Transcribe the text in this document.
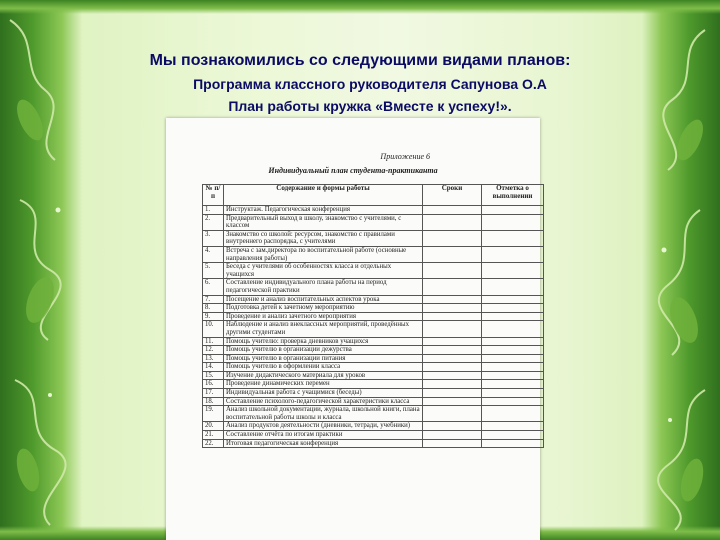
Мы познакомились со следующими видами планов:

Программа классного руководителя Сапунова О.А

План работы кружка «Вместе к успеху!».

Приложение 6
Индивидуальный план студента-практиканта
№ п/п	Содержание и формы работы	Сроки	Отметка о выполнении
1.	Инструктаж. Педагогическая конференция		
2.	Предварительный выход в школу, знакомство с учителями, с классом		
3.	Знакомство со школой: ресурсом, знакомство с правилами внутреннего распорядка, с учителями		
4.	Встреча с зам.директора по воспитательной работе (основные направления работы)		
5.	Беседа с учителями об особенностях класса и отдельных учащихся		
6.	Составление индивидуального плана работы на период педагогической практики		
7.	Посещение и анализ воспитательных аспектов урока		
8.	Подготовка детей к зачетному мероприятию		
9.	Проведение и анализ зачетного мероприятия		
10.	Наблюдение и анализ внеклассных мероприятий, проведённых другими студентами		
11.	Помощь учителю: проверка дневников учащихся		
12.	Помощь учителю в организации дежурства		
13.	Помощь учителю в организации питания		
14.	Помощь учителю в оформлении класса		
15.	Изучение дидактического материала для уроков		
16.	Проведение динамических перемен		
17.	Индивидуальная работа с учащимися (беседы)		
18.	Составление психолого-педагогической характеристики класса		
19.	Анализ школьной документации, журнала, школьной книги, плана воспитательной работы школы и класса		
20.	Анализ продуктов деятельности (дневники, тетради, учебники)		
21.	Составление отчёта по итогам практики		
22.	Итоговая педагогическая конференция		
